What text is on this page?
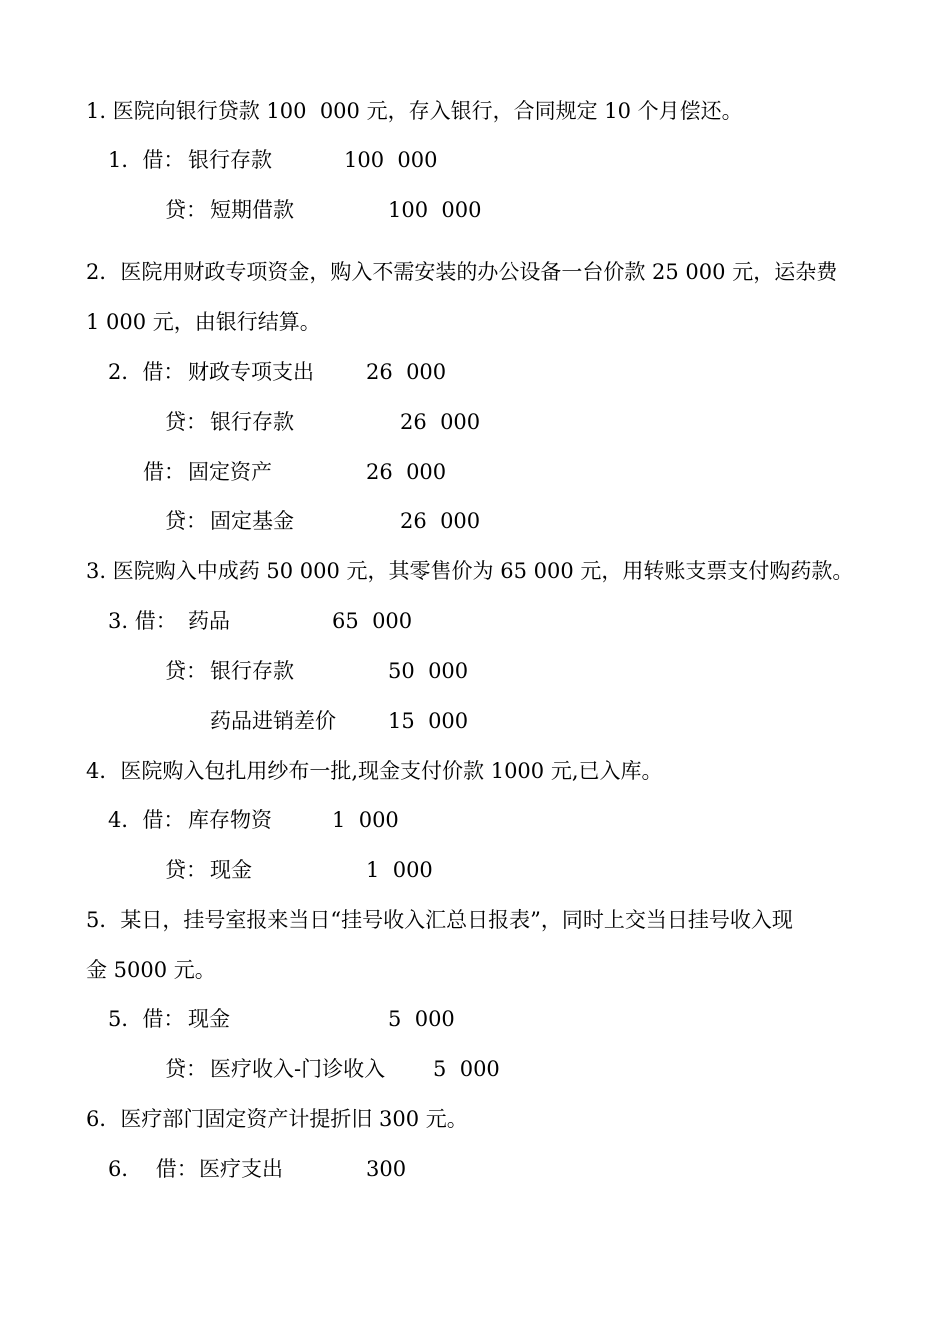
1. 医院向银行贷款 100  000 元，存入银行，合同规定 10 个月偿还。
1．借： 银行存款	100  000
贷： 短期借款	100  000
2．医院用财政专项资金，购入不需安装的办公设备一台价款 25 000 元，运杂费
1 000 元，由银行结算。
2．借： 财政专项支出 26  000
贷： 银行存款	26  000
借： 固定资产	26  000
贷： 固定基金	26  000
3. 医院购入中成药 50 000 元，其零售价为 65 000 元，用转账支票支付购药款。
3. 借： 药品	65  000
贷： 银行存款	50  000
药品进销差价 15  000
4．医院购入包扎用纱布一批,现金支付价款 1000 元,已入库。
4．借： 库存物资	1  000
贷： 现金	1  000
5．某日，挂号室报来当日“挂号收入汇总日报表”，同时上交当日挂号收入现
金 5000 元。
5．借： 现金	5  000
贷： 医疗收入-门诊收入 5  000
6．医疗部门固定资产计提折旧 300 元。
6．  借： 医疗支出	300
